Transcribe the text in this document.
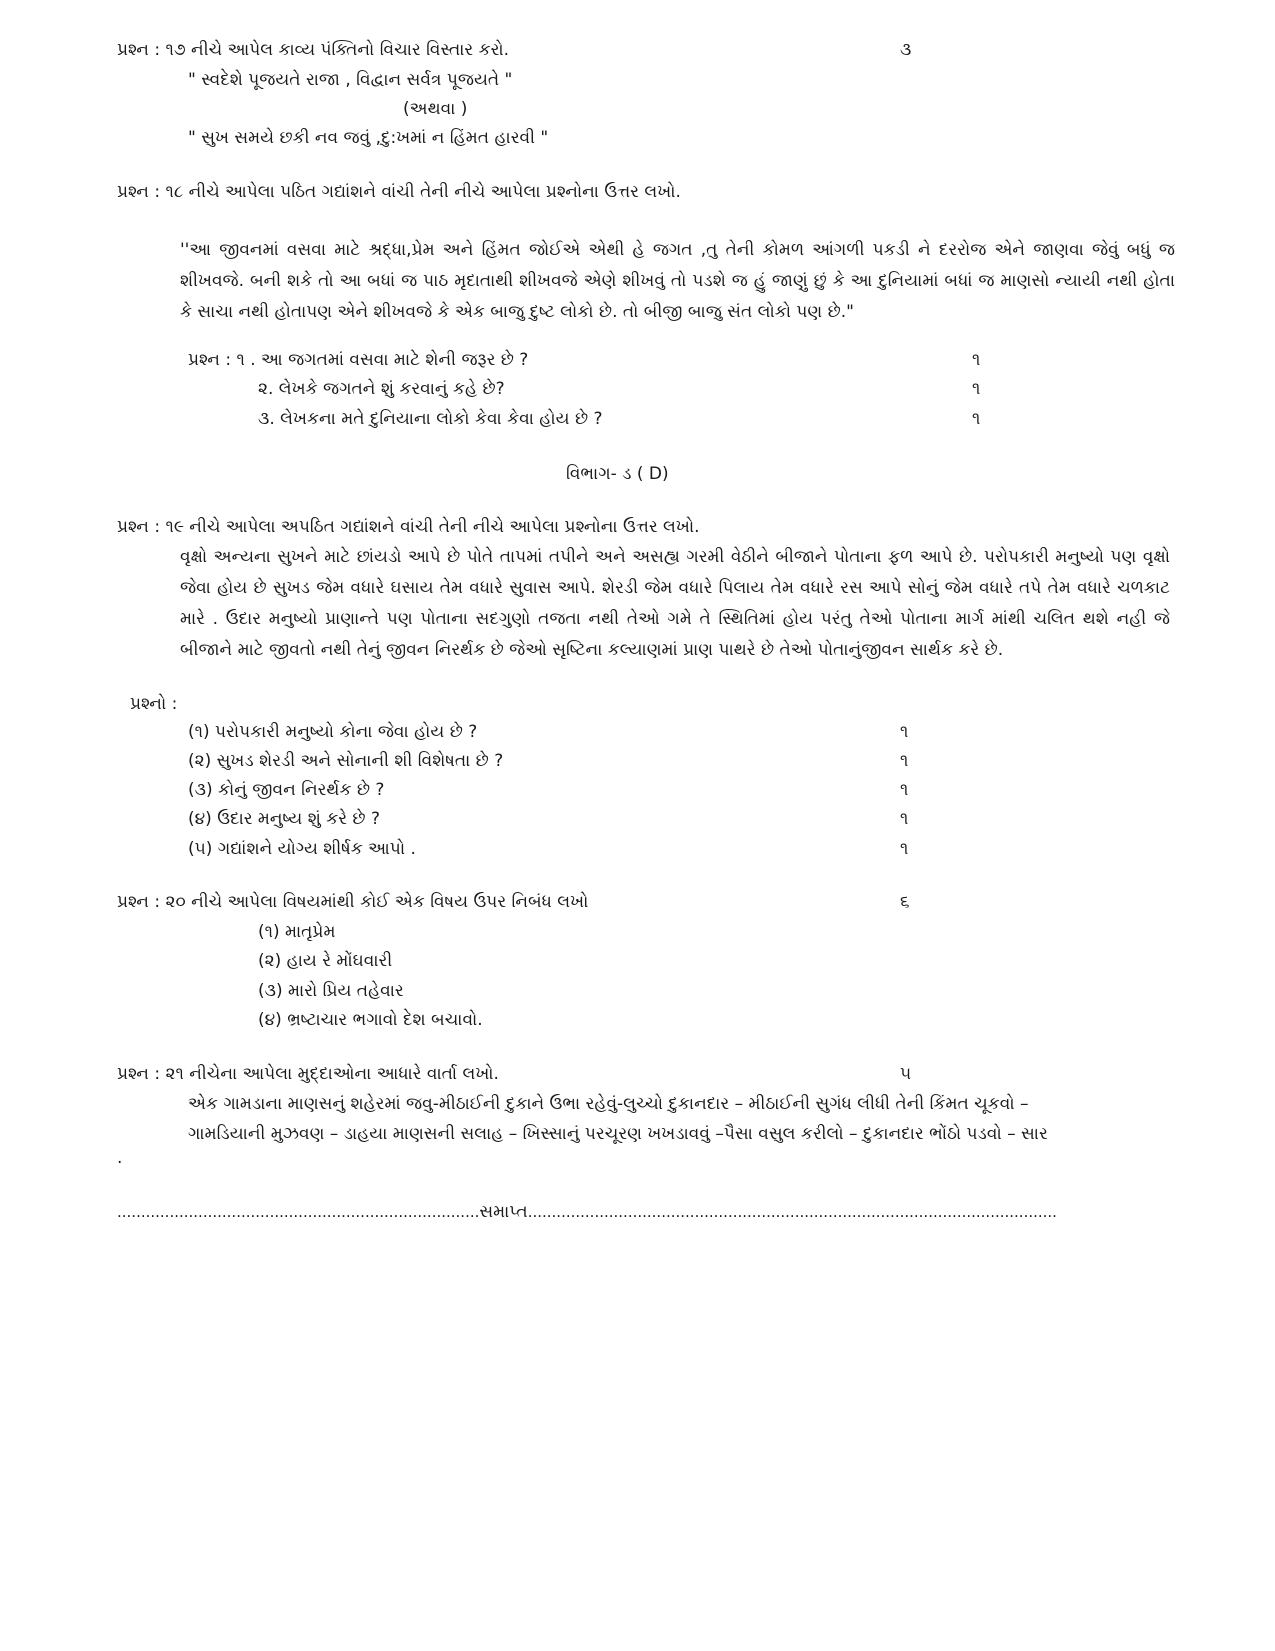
પ્રશ્ન : ૧૭ નીચે આપેલ કાવ્ય પંક્તિનો વિચાર વિસ્તાર કરો.	૩
" સ્વદેશે પૂજયતે રાજા , વિદ્વાન સર્વત્ર પૂજયતે "
(અથવા )
" સુખ સમયે છકી નવ જવું ,દુ:ખમાં ન હિંમત હારવી "
પ્રશ્ન : ૧૮ નીચે આપેલા પઠિત ગદ્યાંશને વાંચી તેની નીચે આપેલા પ્રશ્નોના ઉત્તર લખો.
''આ જીવનમાં વસવા માટે શ્રદ્ધા,પ્રેમ અને હિંમત જોઈએ એથી હે જગત ,તુ તેની કોમળ આંગળી પકડી ને દરરોજ એને જાણવા જેવું બધું જ શીખવજે. બની શકે તો આ બધાં જ પાઠ મૃદાતાથી શીખવજે એણે શીખવું તો પડશે જ હું જાણું છું કે આ દુનિયામાં બધાં જ માણસો ન્યાયી નથી હોતા કે સાચા નથી હોતાપણ એને શીખવજે કે એક બાજુ દુષ્ટ લોકો છે. તો બીજી બાજુ સંત લોકો પણ છે."
પ્રશ્ન : ૧ . આ જગતમાં વસવા માટે શેની જરૂર છે ?	૧
૨. લેખકે જગતને શું કરવાનું કહે છે?	૧
૩. લેખકના મતે દુનિયાના લોકો કેવા કેવા હોય છે ?	૧
વિભાગ- ડ ( D)
પ્રશ્ન : ૧૯ નીચે આપેલા અપઠિત ગદ્યાંશને વાંચી તેની નીચે આપેલા પ્રશ્નોના ઉત્તર લખો.
વૃક્ષો અન્યના સુખને માટે છાંયડો આપે છે પોતે તાપમાં તપીને અને અસહ્ય ગરમી વેઠીને બીજાને પોતાના ફળ આપે છે. પરોપકારી મનુષ્યો પણ વૃક્ષો જેવા હોય છે સુખડ જેમ વધારે ઘસાય તેમ વધારે સુવાસ આપે. શેરડી જેમ વધારે પિલાય તેમ વધારે રસ આપે સોનું જેમ વધારે તપે તેમ વધારે ચળકાટ મારે . ઉદાર મનુષ્યો પ્રાણાન્તે પણ પોતાના સદગુણો તજતા નથી તેઓ ગમે તે સ્થિતિમાં હોય પરંતુ તેઓ પોતાના માર્ગ માંથી ચલિત થશે નહી જે બીજાને માટે જીવતો નથી તેનું જીવન નિરર્થક છે જેઓ સૃષ્ટિના કલ્યાણમાં પ્રાણ પાથરે છે તેઓ પોતાનુંજીવન સાર્થક કરે છે.
પ્રશ્નો :
(૧) પરોપકારી મનુષ્યો કોના જેવા હોય છે ?	૧
(૨) સુખડ શેરડી અને સોનાની શી વિશેષતા છે ?	૧
(૩) કોનું જીવન નિરર્થક છે ?	૧
(૪) ઉદાર મનુષ્ય શું કરે છે ?	૧
(૫) ગદ્યાંશને યોગ્ય શીર્ષક આપો .	૧
પ્રશ્ન : ૨૦ નીચે આપેલા વિષયમાંથી કોઈ એક વિષય ઉપર નિબંધ લખો	૬
(૧) માતૃપ્રેમ
(૨) હાય રે મોંઘવારી
(૩) મારો પ્રિય તહેવાર
(૪) ભ્રષ્ટાચાર ભગાવો દેશ બચાવો.
પ્રશ્ન : ૨૧ નીચેના આપેલા મુદ્દાઓના આધારે વાર્તા લખો.	૫
એક ગામડાના માણસનું શહેરમાં જવુ-મીઠાઈની દુકાને ઉભા રહેવું-લુચ્ચો દુકાનદાર – મીઠાઈની સુગંધ લીધી તેની કિંમત ચૂકવો –
ગામડિયાની મુઝવણ – ડાહયા માણસની સલાહ – ખિસ્સાનું પરચૂરણ ખખડાવવું –પૈસા વસુલ કરીલો – દુકાનદાર ભોંઠો પડવો – સાર
.
............................................................................સમાપ્ત...............................................................................................................
